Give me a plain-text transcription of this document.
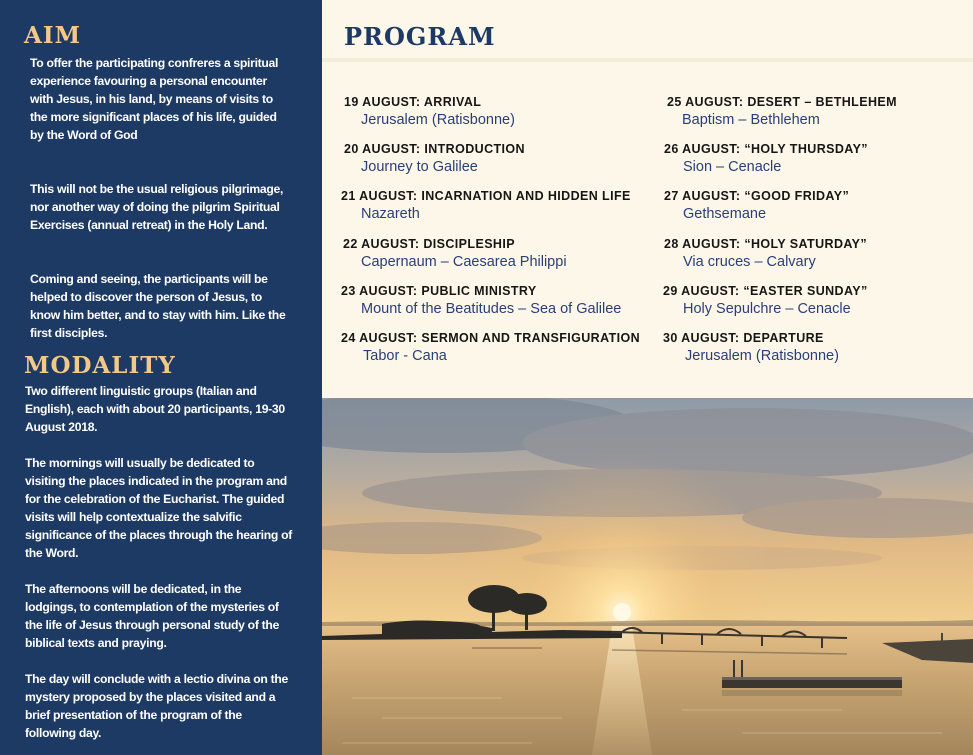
AIM

To offer the participating confreres a spiritual experience favouring a personal encounter with Jesus, in his land, by means of visits to the more significant places of his life, guided by the Word of God

This will not be the usual religious pilgrimage, nor another way of doing the pilgrim Spiritual Exercises (annual retreat) in the Holy Land.

Coming and seeing, the participants will be helped to discover the person of Jesus, to know him better, and to stay with him. Like the first disciples.

MODALITY

Two different linguistic groups (Italian and English), each with about 20 participants, 19-30 August 2018.

The mornings will usually be dedicated to visiting the places indicated in the program and for the celebration of the Eucharist. The guided visits will help contextualize the salvific significance of the places through the hearing of the Word.

The afternoons will be dedicated, in the lodgings, to contemplation of the mysteries of the life of Jesus through personal study of the biblical texts and praying.

The day will conclude with a lectio divina on the mystery proposed by the places visited and a brief presentation of the program of the following day.

PROGRAM
19 AUGUST: ARRIVAL
Jerusalem (Ratisbonne)
20 AUGUST: INTRODUCTION
Journey to Galilee
21 AUGUST: INCARNATION AND HIDDEN LIFE
Nazareth
22 AUGUST: DISCIPLESHIP
Capernaum – Caesarea Philippi
23 AUGUST: PUBLIC MINISTRY
Mount of the Beatitudes – Sea of Galilee
24 AUGUST: SERMON AND TRANSFIGURATION
Tabor - Cana
25 AUGUST: DESERT – BETHLEHEM
Baptism – Bethlehem
26 AUGUST: “HOLY THURSDAY”
Sion – Cenacle
27 AUGUST: “GOOD FRIDAY”
Gethsemane
28 AUGUST: “HOLY SATURDAY”
Via cruces – Calvary
29 AUGUST: “EASTER SUNDAY”
Holy Sepulchre – Cenacle
30 AUGUST: DEPARTURE
Jerusalem (Ratisbonne)
